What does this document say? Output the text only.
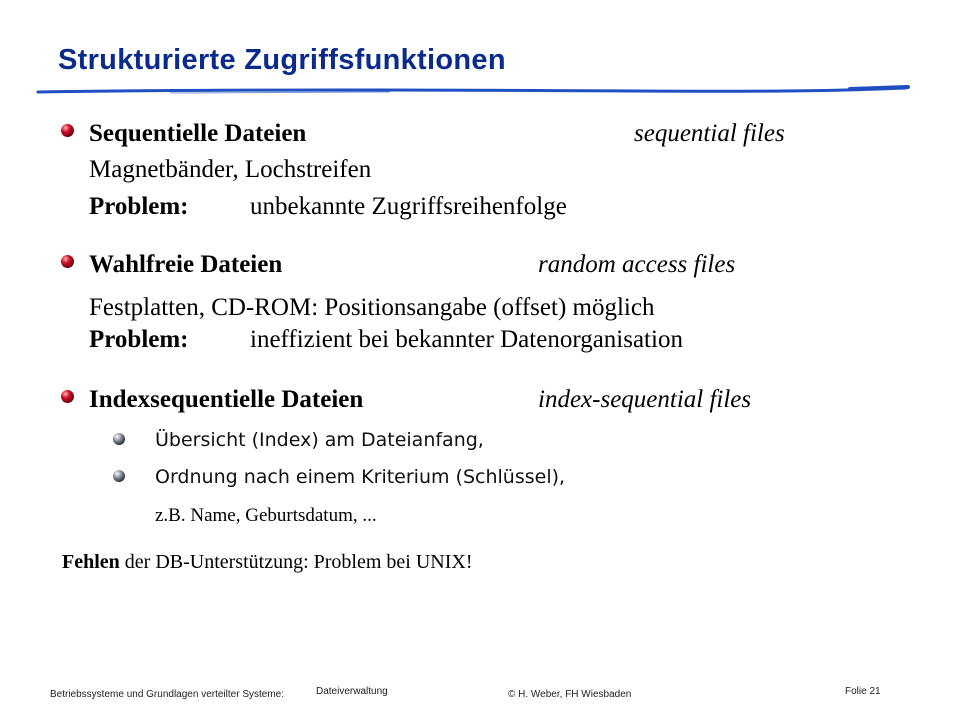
Strukturierte Zugriffsfunktionen
Sequentielle Dateien	sequential files
Magnetbänder, Lochstreifen
Problem: unbekannte Zugriffsreihenfolge
Wahlfreie Dateien	random access files
Festplatten, CD-ROM: Positionsangabe (offset) möglich
Problem: ineffizient bei bekannter Datenorganisation
Indexsequentielle Dateien	index-sequential files
Übersicht (Index) am Dateianfang,
Ordnung nach einem Kriterium (Schlüssel),
z.B. Name, Geburtsdatum, ...
Fehlen der DB-Unterstützung: Problem bei UNIX!
Betriebssysteme und Grundlagen verteilter Systeme:	Dateiverwaltung	© H. Weber, FH Wiesbaden	Folie 21
